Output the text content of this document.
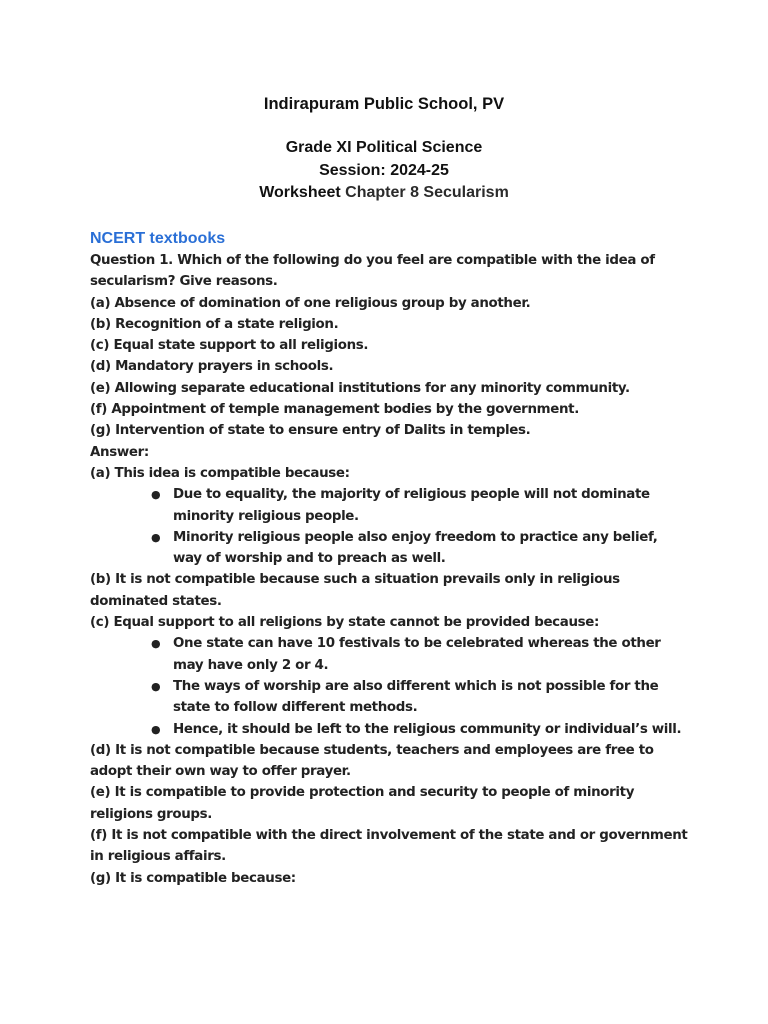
Indirapuram Public School, PV
Grade XI Political Science
Session: 2024-25
Worksheet Chapter 8 Secularism
NCERT textbooks

Question 1. Which of the following do you feel are compatible with the idea of secularism? Give reasons.

(a) Absence of domination of one religious group by another.

(b) Recognition of a state religion.

(c) Equal state support to all religions.

(d) Mandatory prayers in schools.

(e) Allowing separate educational institutions for any minority community.

(f) Appointment of temple management bodies by the government.

(g) Intervention of state to ensure entry of Dalits in temples.

Answer:

(a) This idea is compatible because:

● Due to equality, the majority of religious people will not dominate minority religious people.
● Minority religious people also enjoy freedom to practice any belief, way of worship and to preach as well.

(b) It is not compatible because such a situation prevails only in religious dominated states.

(c) Equal support to all religions by state cannot be provided because:

● One state can have 10 festivals to be celebrated whereas the other may have only 2 or 4.
● The ways of worship are also different which is not possible for the state to follow different methods.
● Hence, it should be left to the religious community or individual’s will.

(d) It is not compatible because students, teachers and employees are free to adopt their own way to offer prayer.

(e) It is compatible to provide protection and security to people of minority religions groups.

(f) It is not compatible with the direct involvement of the state and or government in religious affairs.

(g) It is compatible because:
